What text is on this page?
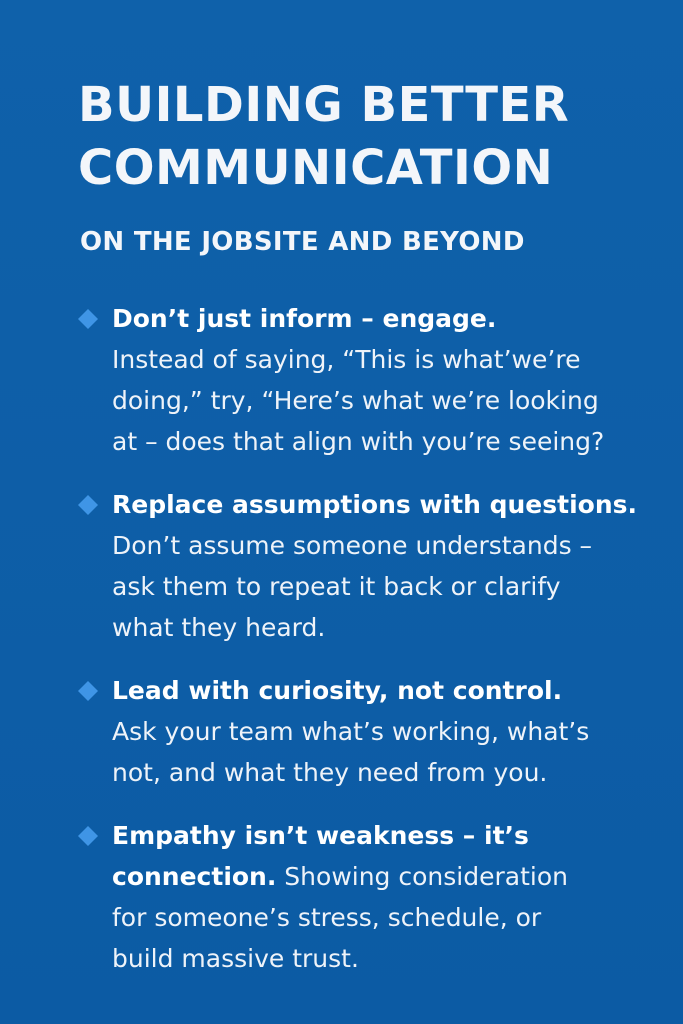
BUILDING BETTER
COMMUNICATION
ON THE JOBSITE AND BEYOND
Don’t just inform – engage.
Instead of saying, “This is what’we’re
doing,” try, “Here’s what we’re looking
at – does that align with you’re seeing?
Replace assumptions with questions.
Don’t assume someone understands –
ask them to repeat it back or clarify
what they heard.
Lead with curiosity, not control.
Ask your team what’s working, what’s
not, and what they need from you.
Empathy isn’t weakness – it’s
connection. Showing consideration
for someone’s stress, schedule, or
build massive trust.
